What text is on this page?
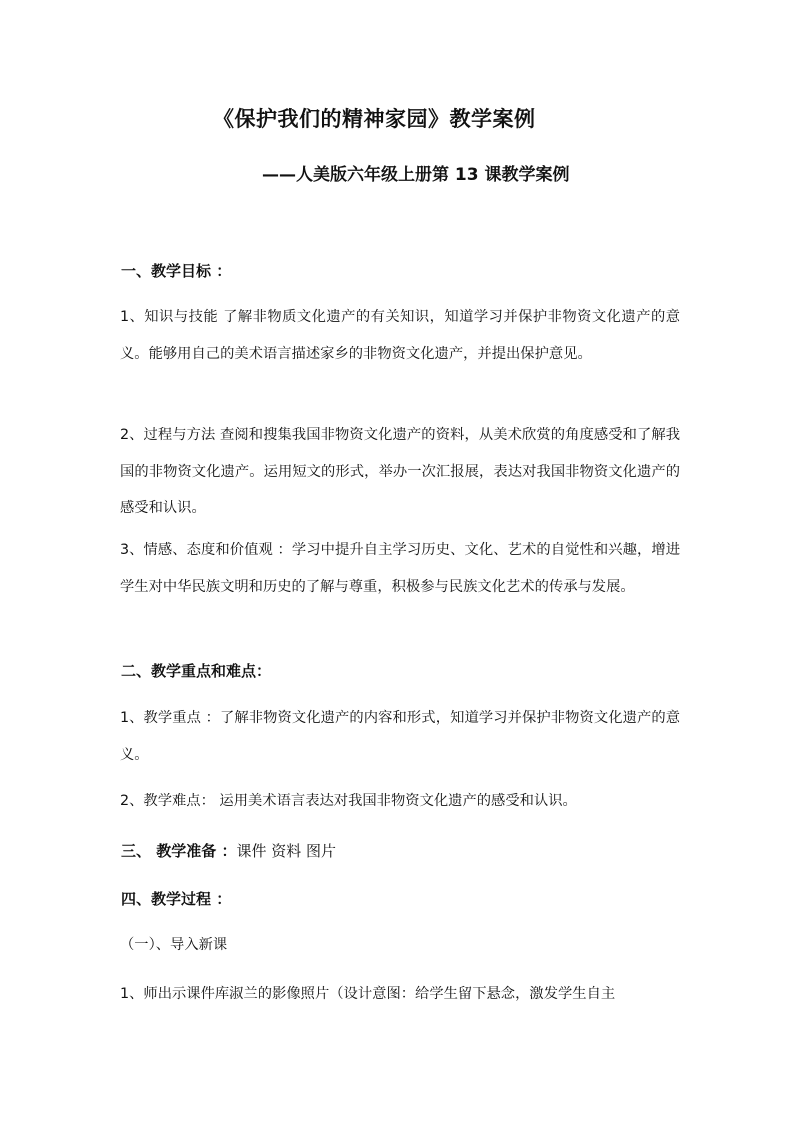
《保护我们的精神家园》教学案例
——人美版六年级上册第 13 课教学案例
一、教学目标 ：
1、知识与技能 了解非物质文化遗产的有关知识，知道学习并保护非物资文化遗产的意义。能够用自己的美术语言描述家乡的非物资文化遗产，并提出保护意见。
2、过程与方法 查阅和搜集我国非物资文化遗产的资料，从美术欣赏的角度感受和了解我国的非物资文化遗产。运用短文的形式，举办一次汇报展，表达对我国非物资文化遗产的感受和认识。
3、情感、态度和价值观 ：学习中提升自主学习历史、文化、艺术的自觉性和兴趣，增进学生对中华民族文明和历史的了解与尊重，积极参与民族文化艺术的传承与发展。
二、教学重点和难点：
1、教学重点 ：了解非物资文化遗产的内容和形式，知道学习并保护非物资文化遗产的意义。
2、教学难点： 运用美术语言表达对我国非物资文化遗产的感受和认识。
三、 教学准备 ：课件 资料 图片
四、教学过程 ：
（一）、导入新课
1、师出示课件库淑兰的影像照片（设计意图：给学生留下悬念，激发学生自主
